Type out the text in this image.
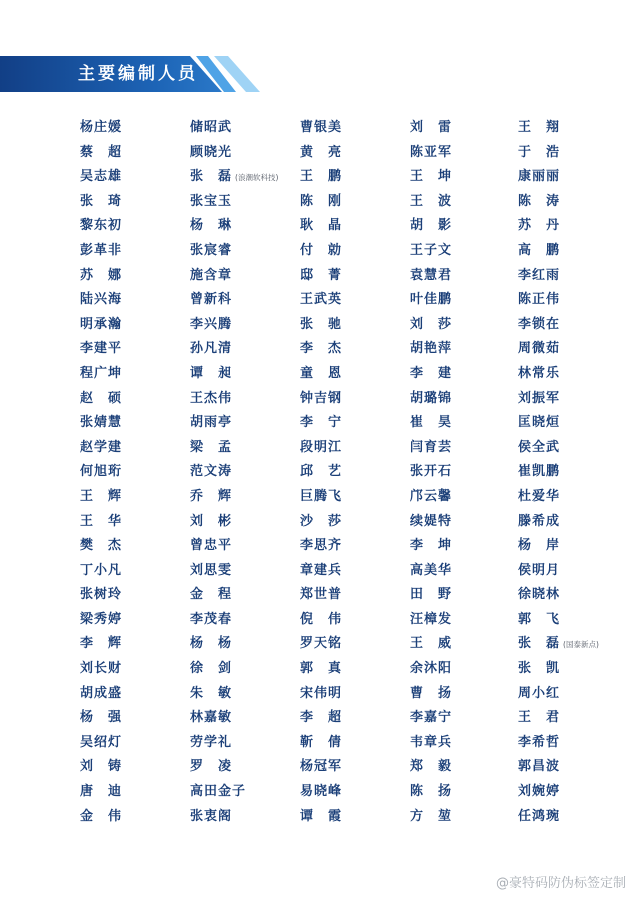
主要编制人员
杨庄媛	储昭武	曹银美	刘　雷	王　翔
蔡　超	顾晓光	黄　亮	陈亚军	于　浩
吴志雄	张　磊 (浪潮软科技)	王　鹏	王　坤	康丽丽
张　琦	张宝玉	陈　刚	王　波	陈　涛
黎东初	杨　琳	耿　晶	胡　影	苏　丹
彭革非	张宸睿	付　勍	王子文	高　鹏
苏　娜	施含章	邸　菁	袁慧君	李红雨
陆兴海	曾新科	王武英	叶佳鹏	陈正伟
明承瀚	李兴腾	张　驰	刘　莎	李锁在
李建平	孙凡清	李　杰	胡艳萍	周微茹
程广坤	谭　昶	童　恩	李　建	林常乐
赵　硕	王杰伟	钟吉钢	胡璐锦	刘振军
张婧慧	胡雨亭	李　宁	崔　昊	匡晓烜
赵学建	梁　孟	段明江	闫育芸	侯全武
何旭珩	范文涛	邱　艺	张开石	崔凯鹏
王　辉	乔　辉	巨腾飞	邝云馨	杜爱华
王　华	刘　彬	沙　莎	续媞特	滕希成
樊　杰	曾忠平	李思齐	李　坤	杨　岸
丁小凡	刘思雯	章建兵	高美华	侯明月
张树玲	金　程	郑世普	田　野	徐晓林
梁秀婷	李茂春	倪　伟	汪樟发	郭　飞
李　辉	杨　杨	罗天铭	王　威	张　磊 (国泰新点)
刘长财	徐　剑	郭　真	余沐阳	张　凯
胡成盛	朱　敏	宋伟明	曹　扬	周小红
杨　强	林嘉敏	李　超	李嘉宁	王　君
吴绍灯	劳学礼	靳　倩	韦章兵	李希哲
刘　铸	罗　凌	杨冠军	郑　毅	郭昌波
唐　迪	高田金子	易晓峰	陈　扬	刘婉婷
金　伟	张衷阁	谭　霞	方　堃	任鸿琬
@豪特码防伪标签定制
